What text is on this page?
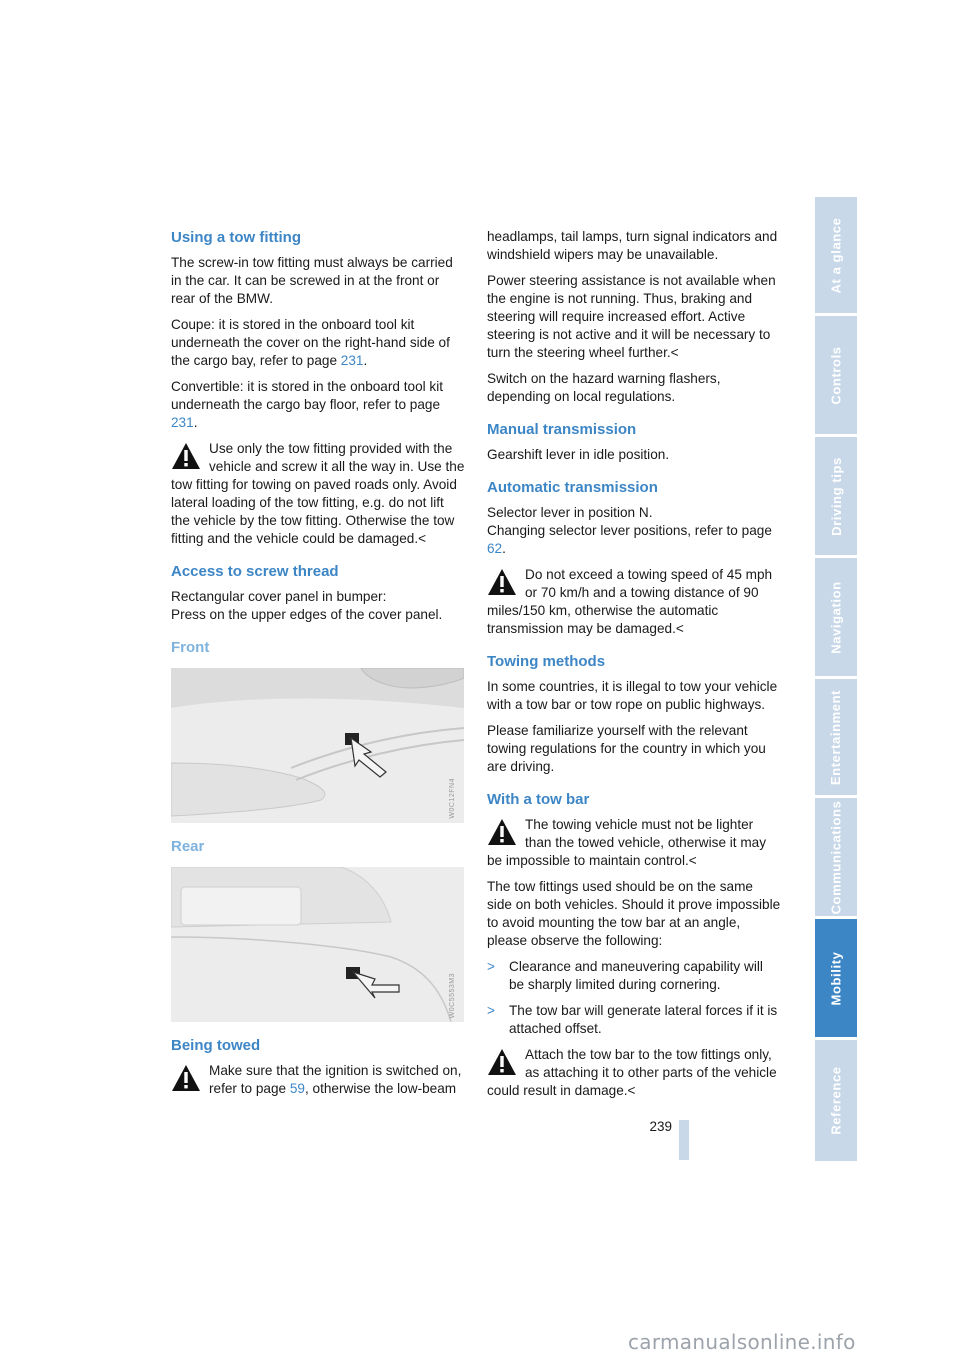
Using a tow fitting

The screw-in tow fitting must always be carried in the car. It can be screwed in at the front or rear of the BMW.

Coupe: it is stored in the onboard tool kit underneath the cover on the right-hand side of the cargo bay, refer to page 231.

Convertible: it is stored in the onboard tool kit underneath the cargo bay floor, refer to page 231.

Use only the tow fitting provided with the vehicle and screw it all the way in. Use the tow fitting for towing on paved roads only. Avoid lateral loading of the tow fitting, e.g. do not lift the vehicle by the tow fitting. Otherwise the tow fitting and the vehicle could be damaged.<
Access to screw thread

Rectangular cover panel in bumper:
Press on the upper edges of the cover panel.

Front
W0C12FN4
Rear
W0C5553M3
Being towed
Make sure that the ignition is switched on, refer to page 59, otherwise the low-beam

headlamps, tail lamps, turn signal indicators and windshield wipers may be unavailable.

Power steering assistance is not available when the engine is not running. Thus, braking and steering will require increased effort. Active steering is not active and it will be necessary to turn the steering wheel further.<

Switch on the hazard warning flashers, depending on local regulations.

Manual transmission

Gearshift lever in idle position.

Automatic transmission

Selector lever in position N.
Changing selector lever positions, refer to page 62.

Do not exceed a towing speed of 45 mph or 70 km/h and a towing distance of 90 miles/150 km, otherwise the automatic transmission may be damaged.<
Towing methods

In some countries, it is illegal to tow your vehicle with a tow bar or tow rope on public highways.

Please familiarize yourself with the relevant towing regulations for the country in which you are driving.

With a tow bar
The towing vehicle must not be lighter than the towed vehicle, otherwise it may be impossible to maintain control.<

The tow fittings used should be on the same side on both vehicles. Should it prove impossible to avoid mounting the tow bar at an angle, please observe the following:

> Clearance and maneuvering capability will be sharply limited during cornering.
> The tow bar will generate lateral forces if it is attached offset.
Attach the tow bar to the tow fittings only, as attaching it to other parts of the vehicle could result in damage.<
At a glance
Controls
Driving tips
Navigation
Entertainment
Communications
Mobility
Reference
239
carmanualsonline.info
